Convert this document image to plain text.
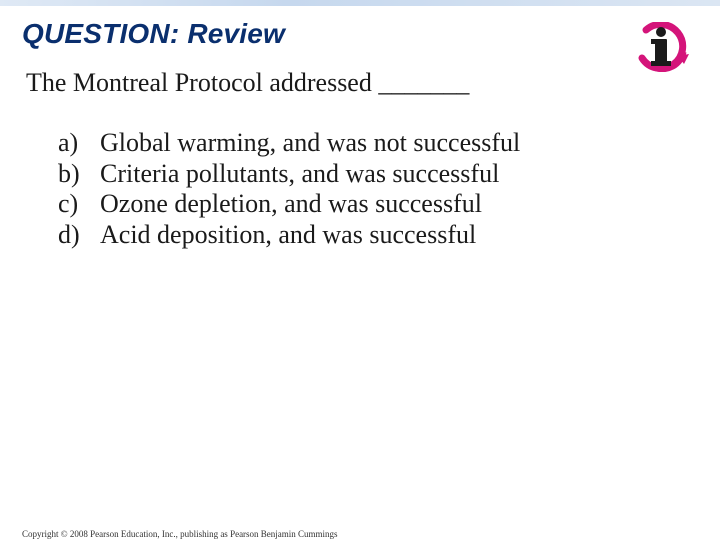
QUESTION: Review
The Montreal Protocol addressed _______
a) Global warming, and was not successful
b) Criteria pollutants, and was successful
c) Ozone depletion, and was successful
d) Acid deposition, and was successful
Copyright © 2008 Pearson Education, Inc., publishing as Pearson Benjamin Cummings
